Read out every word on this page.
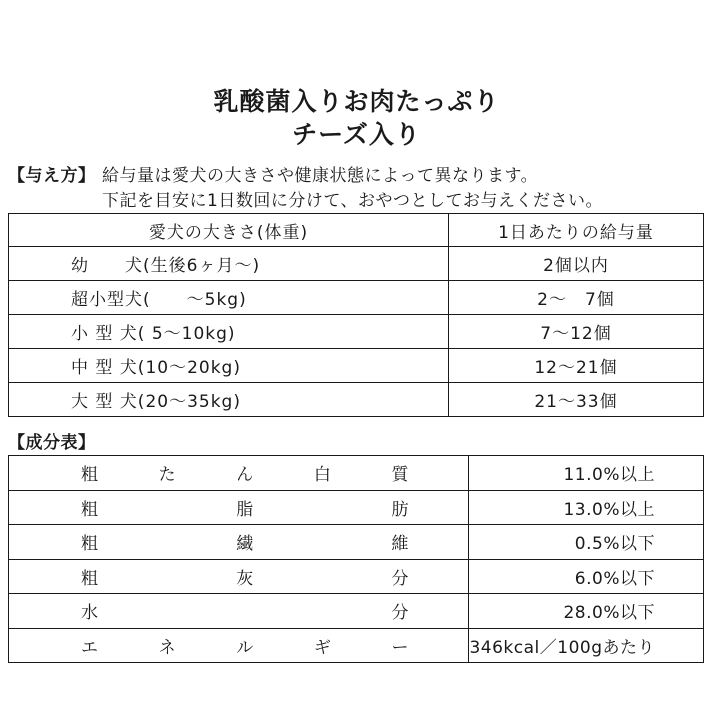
乳酸菌入りお肉たっぷり
チーズ入り
【与え方】 給与量は愛犬の大きさや健康状態によって異なります。
下記を目安に1日数回に分けて、おやつとしてお与えください。
愛犬の大きさ(体重)	1日あたりの給与量
幼　　犬(生後6ヶ月〜)	2個以内
超小型犬(　　〜5kg)	2〜　7個
小 型 犬( 5〜10kg)	7〜12個
中 型 犬(10〜20kg)	12〜21個
大 型 犬(20〜35kg)	21〜33個
【成分表】
粗 た ん 白 質	11.0%以上

粗 脂 肪	13.0%以上

粗 繊 維	0.5%以下

粗 灰 分	6.0%以下

水 分	28.0%以下

エ ネ ル ギ ー	346kcal／100gあたり
